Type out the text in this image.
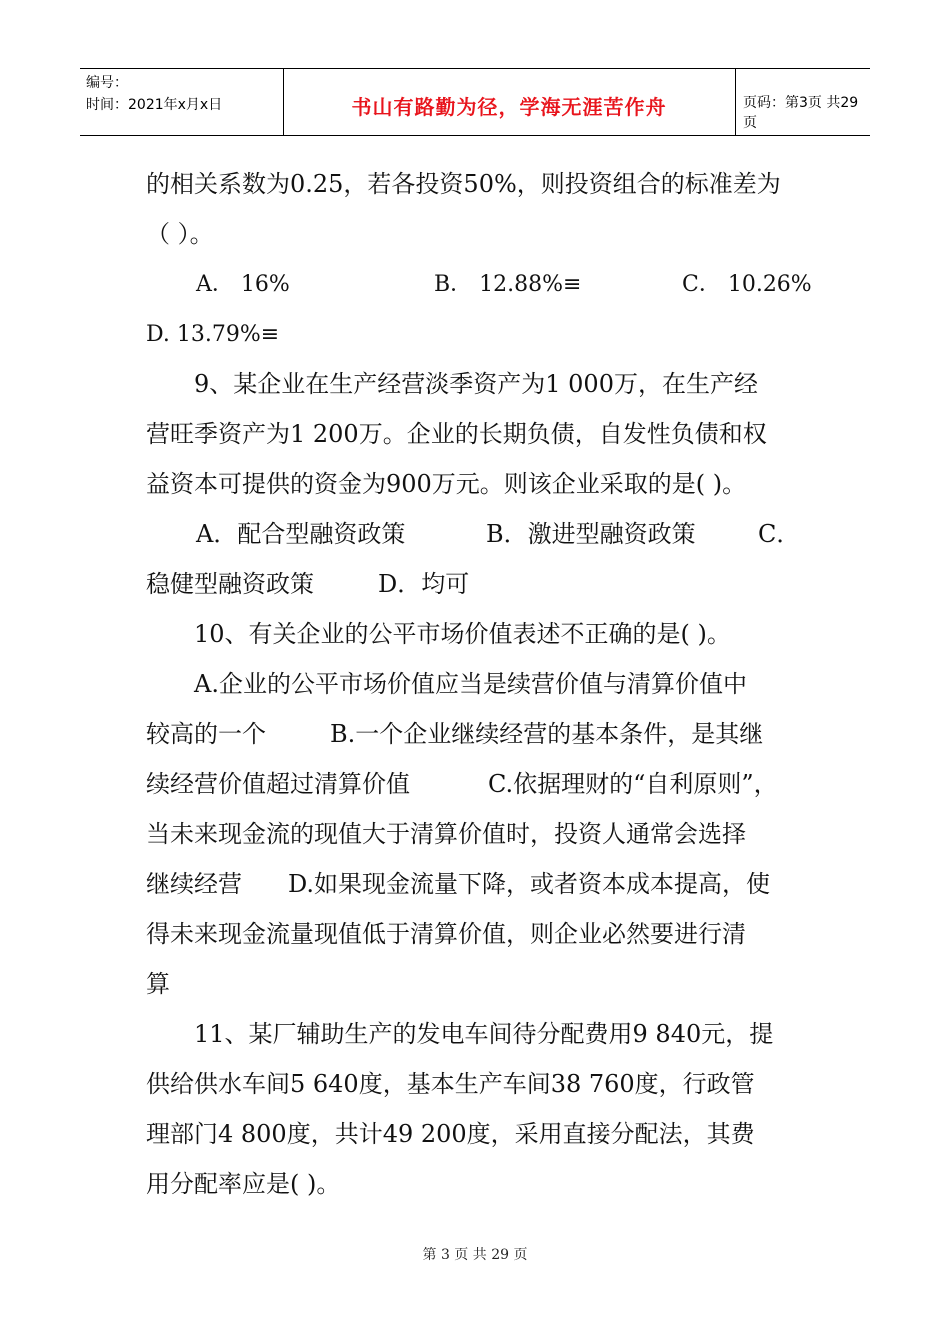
编号：
时间：2021年x月x日	书山有路勤为径，学海无涯苦作舟	页码：第3页 共29页
的相关系数为0.25，若各投资50%，则投资组合的标准差为
（ ）。
A． 16%	B． 12.88%≡	C． 10.26%
D. 13.79%≡
9、某企业在生产经营淡季资产为1 000万，在生产经
营旺季资产为1 200万。企业的长期负债，自发性负债和权
益资本可提供的资金为900万元。则该企业采取的是( )。
A．配合型融资政策	B．激进型融资政策	C．
稳健型融资政策	D．均可
10、有关企业的公平市场价值表述不正确的是( )。
A.企业的公平市场价值应当是续营价值与清算价值中
较高的一个	B.一个企业继续经营的基本条件，是其继
续经营价值超过清算价值	C.依据理财的“自利原则”，
当未来现金流的现值大于清算价值时，投资人通常会选择
继续经营	D.如果现金流量下降，或者资本成本提高，使
得未来现金流量现值低于清算价值，则企业必然要进行清
算
11、某厂辅助生产的发电车间待分配费用9 840元，提
供给供水车间5 640度，基本生产车间38 760度，行政管
理部门4 800度，共计49 200度，采用直接分配法，其费
用分配率应是( )。
第 3 页 共 29 页
